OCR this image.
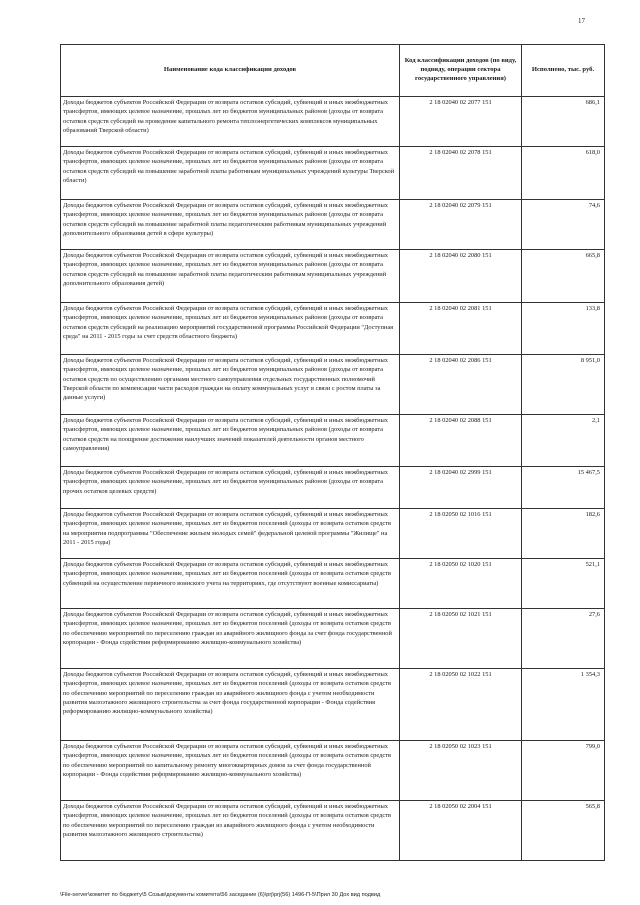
17
Наименование кода классификации доходов	Код классификации доходов (по виду, подвиду, операции сектора государственного управления)	Исполнено, тыс. руб.
Доходы бюджетов субъектов Российской Федерации от возврата остатков субсидий, субвенций и иных межбюджетных трансфертов, имеющих целевое назначение, прошлых лет из бюджетов муниципальных районов (доходы от возврата остатков средств субсидий на проведение капитального ремонта теплоэнергетических комплексов муниципальных образований Тверской области)	2 18 02040 02 2077 151	686,1
Доходы бюджетов субъектов Российской Федерации от возврата остатков субсидий, субвенций и иных межбюджетных трансфертов, имеющих целевое назначение, прошлых лет из бюджетов муниципальных районов (доходы от возврата остатков средств субсидий на повышение заработной платы работникам муниципальных учреждений культуры Тверской области)	2 18 02040 02 2078 151	618,0
Доходы бюджетов субъектов Российской Федерации от возврата остатков субсидий, субвенций и иных межбюджетных трансфертов, имеющих целевое назначение, прошлых лет из бюджетов муниципальных районов (доходы от возврата остатков средств субсидий на повышение заработной платы педагогическим работникам муниципальных учреждений дополнительного образования детей в сфере культуры)	2 18 02040 02 2079 151	74,6
Доходы бюджетов субъектов Российской Федерации от возврата остатков субсидий, субвенций и иных межбюджетных трансфертов, имеющих целевое назначение, прошлых лет из бюджетов муниципальных районов (доходы от возврата остатков средств субсидий на повышение заработной платы педагогическим работникам муниципальных учреждений дополнительного образования детей)	2 18 02040 02 2080 151	665,8
Доходы бюджетов субъектов Российской Федерации от возврата остатков субсидий, субвенций и иных межбюджетных трансфертов, имеющих целевое назначение, прошлых лет из бюджетов муниципальных районов (доходы от возврата остатков средств субсидий на реализацию мероприятий государственной программы Российской Федерации "Доступная среда" на 2011 - 2015 годы за счет средств областного бюджета)	2 18 02040 02 2081 151	133,8
Доходы бюджетов субъектов Российской Федерации от возврата остатков субсидий, субвенций и иных межбюджетных трансфертов, имеющих целевое назначение, прошлых лет из бюджетов муниципальных районов (доходы от возврата остатков средств по осуществлению органами местного самоуправления отдельных государственных полномочий Тверской области по компенсации части расходов граждан на оплату коммунальных услуг в связи с ростом платы за данные услуги)	2 18 02040 02 2086 151	8 951,0
Доходы бюджетов субъектов Российской Федерации от возврата остатков субсидий, субвенций и иных межбюджетных трансфертов, имеющих целевое назначение, прошлых лет из бюджетов муниципальных районов (доходы от возврата остатков средств на поощрение достижения наилучших значений показателей деятельности органов местного самоуправления)	2 18 02040 02 2088 151	2,1
Доходы бюджетов субъектов Российской Федерации от возврата остатков субсидий, субвенций и иных межбюджетных трансфертов, имеющих целевое назначение, прошлых лет из бюджетов муниципальных районов (доходы от возврата прочих остатков целевых средств)	2 18 02040 02 2999 151	15 467,5
Доходы бюджетов субъектов Российской Федерации от возврата остатков субсидий, субвенций и иных межбюджетных трансфертов, имеющих целевое назначение, прошлых лет из бюджетов поселений (доходы от возврата остатков средств на мероприятия подпрограммы "Обеспечение жильем молодых семей" федеральной целевой программы "Жилище" на 2011 - 2015 годы)	2 18 02050 02 1016 151	182,6
Доходы бюджетов субъектов Российской Федерации от возврата остатков субсидий, субвенций и иных межбюджетных трансфертов, имеющих целевое назначение, прошлых лет из бюджетов поселений (доходы от возврата остатков средств субвенций на осуществление первичного воинского учета на территориях, где отсутствуют военные комиссариаты)	2 18 02050 02 1020 151	521,1
Доходы бюджетов субъектов Российской Федерации от возврата остатков субсидий, субвенций и иных межбюджетных трансфертов, имеющих целевое назначение, прошлых лет из бюджетов поселений (доходы от возврата остатков средств по обеспечению мероприятий по переселению граждан из аварийного жилищного фонда за счет фонда государственной корпорации - Фонда содействия реформированию жилищно-коммунального хозяйства)	2 18 02050 02 1021 151	27,6
Доходы бюджетов субъектов Российской Федерации от возврата остатков субсидий, субвенций и иных межбюджетных трансфертов, имеющих целевое назначение, прошлых лет из бюджетов поселений (доходы от возврата остатков средств по обеспечению мероприятий по переселению граждан из аварийного жилищного фонда с учетом необходимости развития малоэтажного жилищного строительства за счет фонда государственной корпорации - Фонда содействия реформированию жилищно-коммунального хозяйства)	2 18 02050 02 1022 151	1 354,3
Доходы бюджетов субъектов Российской Федерации от возврата остатков субсидий, субвенций и иных межбюджетных трансфертов, имеющих целевое назначение, прошлых лет из бюджетов поселений (доходы от возврата остатков средств по обеспечению мероприятий по капитальному ремонту многоквартирных домов за счет фонда государственной корпорации - Фонда содействия реформированию жилищно-коммунального хозяйства)	2 18 02050 02 1023 151	799,0
Доходы бюджетов субъектов Российской Федерации от возврата остатков субсидий, субвенций и иных межбюджетных трансфертов, имеющих целевое назначение, прошлых лет из бюджетов поселений (доходы от возврата остатков средств по обеспечению мероприятий по переселению граждан из аварийного жилищного фонда с учетом необходимости развития малоэтажного жилищного строительства)	2 18 02050 02 2004 151	565,8
\File-server\комитет по бюджету\5 Созыв\документы комитета\56 заседание (6)\prj\prj(56) 1496-П-5\Прил 30 Дох вид подвид
